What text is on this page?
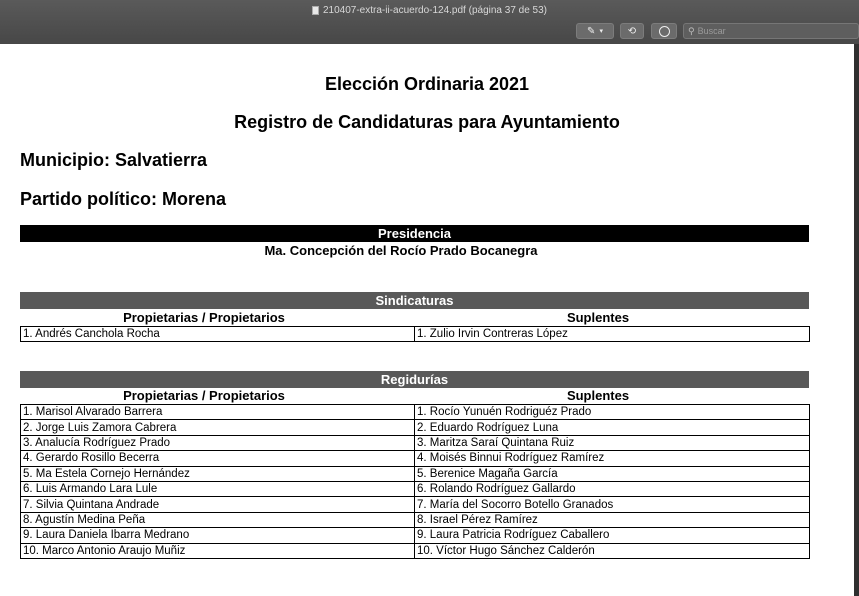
210407-extra-ii-acuerdo-124.pdf (página 37 de 53)
✎ ▾ ⟲	⚲
Buscar
Elección Ordinaria 2021
Registro de Candidaturas para Ayuntamiento
Municipio: Salvatierra
Partido político: Morena
Presidencia
Ma. Concepción del Rocío Prado Bocanegra
Sindicaturas
Propietarias / Propietarios	Suplentes
1. Andrés Canchola Rocha	1. Zulio Irvin Contreras López
Regidurías
Propietarias / Propietarios	Suplentes
1. Marisol Alvarado Barrera	1. Rocío Yunuén Rodriguéz Prado
2. Jorge Luis Zamora Cabrera	2. Eduardo Rodríguez Luna
3. Analucía Rodríguez Prado	3. Maritza Saraí Quintana Ruiz
4. Gerardo Rosillo Becerra	4. Moisés Binnui Rodríguez Ramírez
5. Ma Estela Cornejo Hernández	5. Berenice Magaña García
6. Luis Armando Lara Lule	6. Rolando Rodríguez Gallardo
7. Silvia Quintana Andrade	7. María del Socorro Botello Granados
8. Agustín Medina Peña	8. Israel Pérez Ramírez
9. Laura Daniela Ibarra Medrano	9. Laura Patricia Rodríguez Caballero
10. Marco Antonio Araujo Muñiz	10. Víctor Hugo Sánchez Calderón
